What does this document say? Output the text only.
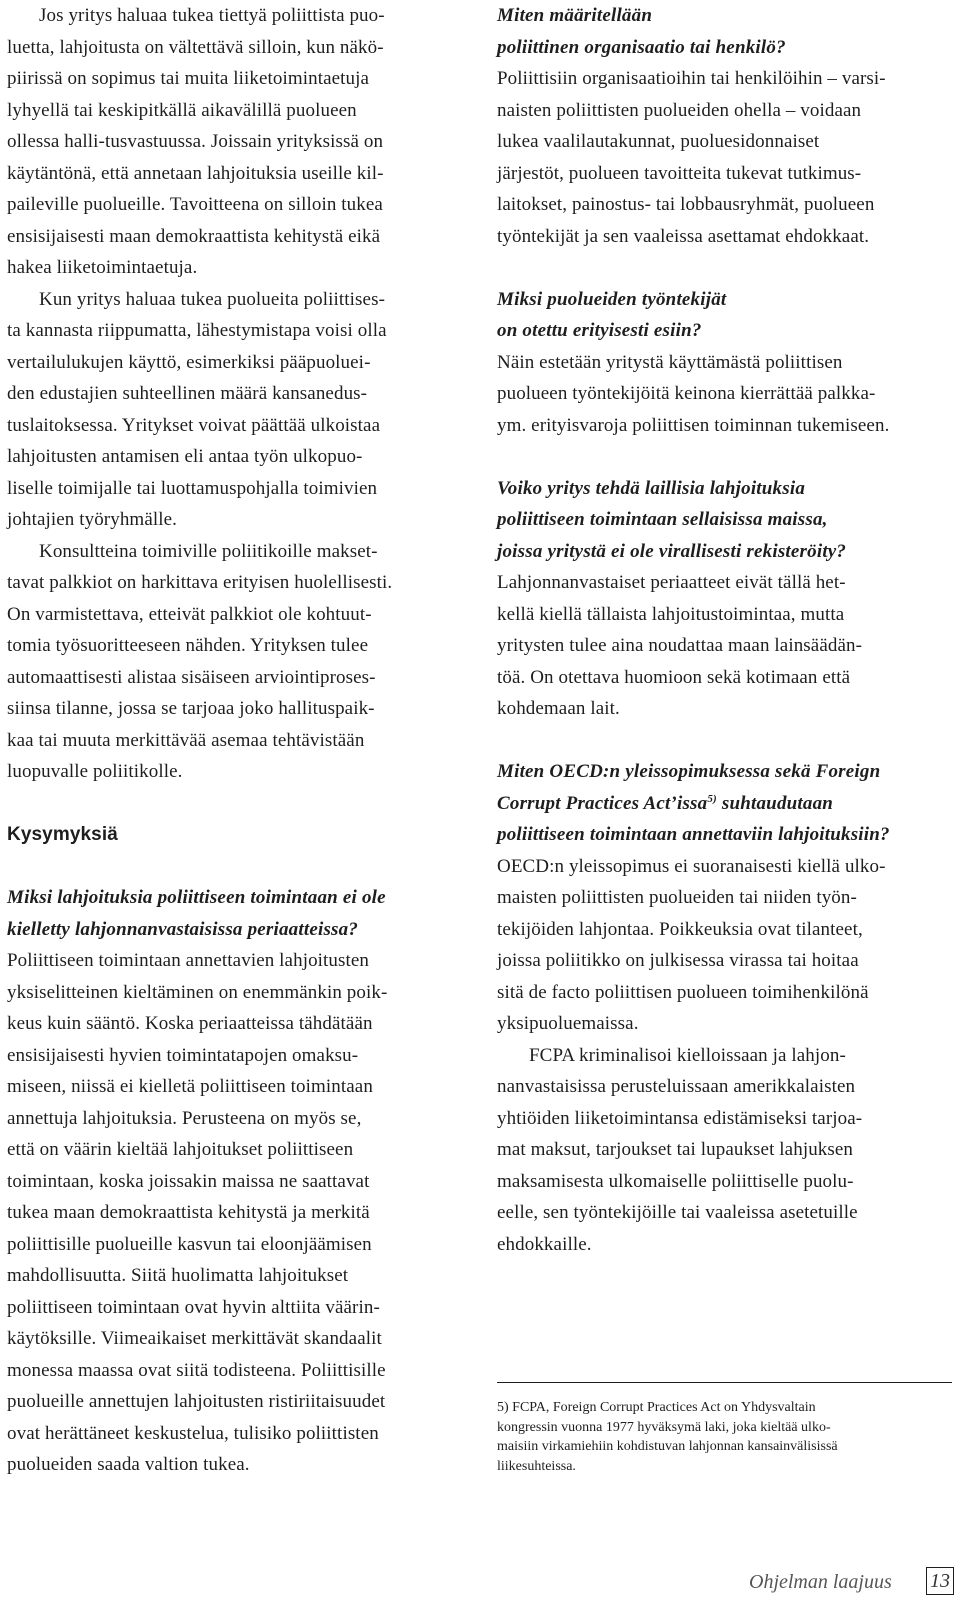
Jos yritys haluaa tukea tiettyä poliittista puo-
luetta, lahjoitusta on vältettävä silloin, kun näkö-
piirissä on sopimus tai muita liiketoimintaetuja
lyhyellä tai keskipitkällä aikavälillä puolueen
ollessa halli-tusvastuussa. Joissain yrityksissä on
käytäntönä, että annetaan lahjoituksia useille kil-
paileville puolueille. Tavoitteena on silloin tukea
ensisijaisesti maan demokraattista kehitystä eikä
hakea liiketoimintaetuja.
Kun yritys haluaa tukea puolueita poliittises-
ta kannasta riippumatta, lähestymistapa voisi olla
vertailulukujen käyttö, esimerkiksi pääpuoluei-
den edustajien suhteellinen määrä kansanedus-
tuslaitoksessa. Yritykset voivat päättää ulkoistaa
lahjoitusten antamisen eli antaa työn ulkopuo-
liselle toimijalle tai luottamuspohjalla toimivien
johtajien työryhmälle.
Konsultteina toimiville poliitikoille makset-
tavat palkkiot on harkittava erityisen huolellisesti.
On varmistettava, etteivät palkkiot ole kohtuut-
tomia työsuoritteeseen nähden. Yrityksen tulee
automaattisesti alistaa sisäiseen arviointiproses-
siinsa tilanne, jossa se tarjoaa joko hallituspaik-
kaa tai muuta merkittävää asemaa tehtävistään
luopuvalle poliitikolle.
Kysymyksiä
Miksi lahjoituksia poliittiseen toimintaan ei ole
kielletty lahjonnanvastaisissa periaatteissa?
Poliittiseen toimintaan annettavien lahjoitusten
yksiselitteinen kieltäminen on enemmänkin poik-
keus kuin sääntö. Koska periaatteissa tähdätään
ensisijaisesti hyvien toimintatapojen omaksu-
miseen, niissä ei kielletä poliittiseen toimintaan
annettuja lahjoituksia. Perusteena on myös se,
että on väärin kieltää lahjoitukset poliittiseen
toimintaan, koska joissakin maissa ne saattavat
tukea maan demokraattista kehitystä ja merkitä
poliittisille puolueille kasvun tai eloonjäämisen
mahdollisuutta. Siitä huolimatta lahjoitukset
poliittiseen toimintaan ovat hyvin alttiita väärin-
käytöksille. Viimeaikaiset merkittävät skandaalit
monessa maassa ovat siitä todisteena. Poliittisille
puolueille annettujen lahjoitusten ristiriitaisuudet
ovat herättäneet keskustelua, tulisiko poliittisten
puolueiden saada valtion tukea.
Miten määritellään
poliittinen organisaatio tai henkilö?
Poliittisiin organisaatioihin tai henkilöihin – varsi-
naisten poliittisten puolueiden ohella – voidaan
lukea vaalilautakunnat, puoluesidonnaiset
järjestöt, puolueen tavoitteita tukevat tutkimus-
laitokset, painostus- tai lobbausryhmät, puolueen
työntekijät ja sen vaaleissa asettamat ehdokkaat.
Miksi puolueiden työntekijät
on otettu erityisesti esiin?
Näin estetään yritystä käyttämästä poliittisen
puolueen työntekijöitä keinona kierrättää palkka-
ym. erityisvaroja poliittisen toiminnan tukemiseen.
Voiko yritys tehdä laillisia lahjoituksia
poliittiseen toimintaan sellaisissa maissa,
joissa yritystä ei ole virallisesti rekisteröity?
Lahjonnanvastaiset periaatteet eivät tällä het-
kellä kiellä tällaista lahjoitustoimintaa, mutta
yritysten tulee aina noudattaa maan lainsäädän-
töä. On otettava huomioon sekä kotimaan että
kohdemaan lait.
Miten OECD:n yleissopimuksessa sekä Foreign
Corrupt Practices Act’issa$^{5)}$ suhtaudutaan
poliittiseen toimintaan annettaviin lahjoituksiin?
OECD:n yleissopimus ei suoranaisesti kiellä ulko-
maisten poliittisten puolueiden tai niiden työn-
tekijöiden lahjontaa. Poikkeuksia ovat tilanteet,
joissa poliitikko on julkisessa virassa tai hoitaa
sitä de facto poliittisen puolueen toimihenkilönä
yksipuoluemaissa.
FCPA kriminalisoi kielloissaan ja lahjon-
nanvastaisissa perusteluissaan amerikkalaisten
yhtiöiden liiketoimintansa edistämiseksi tarjoa-
mat maksut, tarjoukset tai lupaukset lahjuksen
maksamisesta ulkomaiselle poliittiselle puolu-
eelle, sen työntekijöille tai vaaleissa asetetuille
ehdokkaille.
5) FCPA, Foreign Corrupt Practices Act on Yhdysvaltain
kongressin vuonna 1977 hyväksymä laki, joka kieltää ulko-
maisiin virkamiehiin kohdistuvan lahjonnan kansainvälisissä
liikesuhteissa.
Ohjelman laajuus 13
